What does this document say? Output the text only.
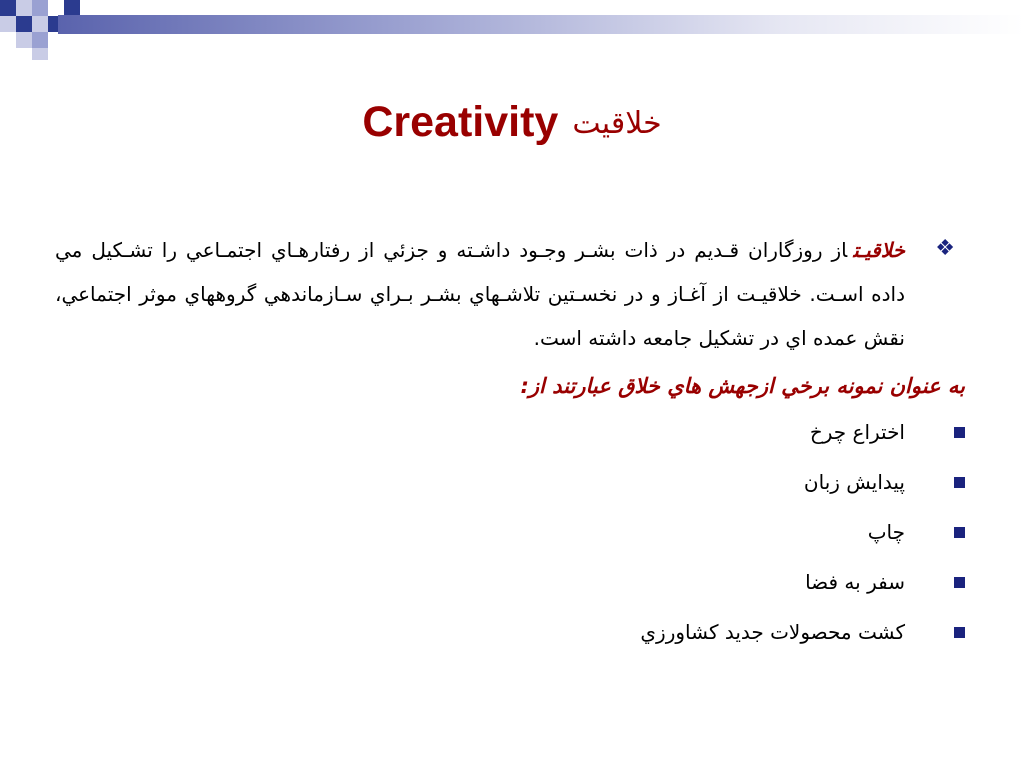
Creativity خلاقيت
❖
خلاقيـتاز روزگاران قـديم در ذات بشـر وجـود داشـته و جزئي از رفتارهـاي اجتمـاعي را تشـكيل مي داده اسـت. خلاقيـت از آغـاز و در نخسـتين تلاشـهاي بشـر بـراي سـازماندهي گروههاي موثر اجتماعي، نقش عمده اي در تشكيل جامعه داشته است.
به عنوان نمونه برخي ازجهش هاي خلاق عبارتند از:
اختراع چرخ
پيدايش زبان
چاپ
سفر به فضا
كشت محصولات جديد كشاورزي
